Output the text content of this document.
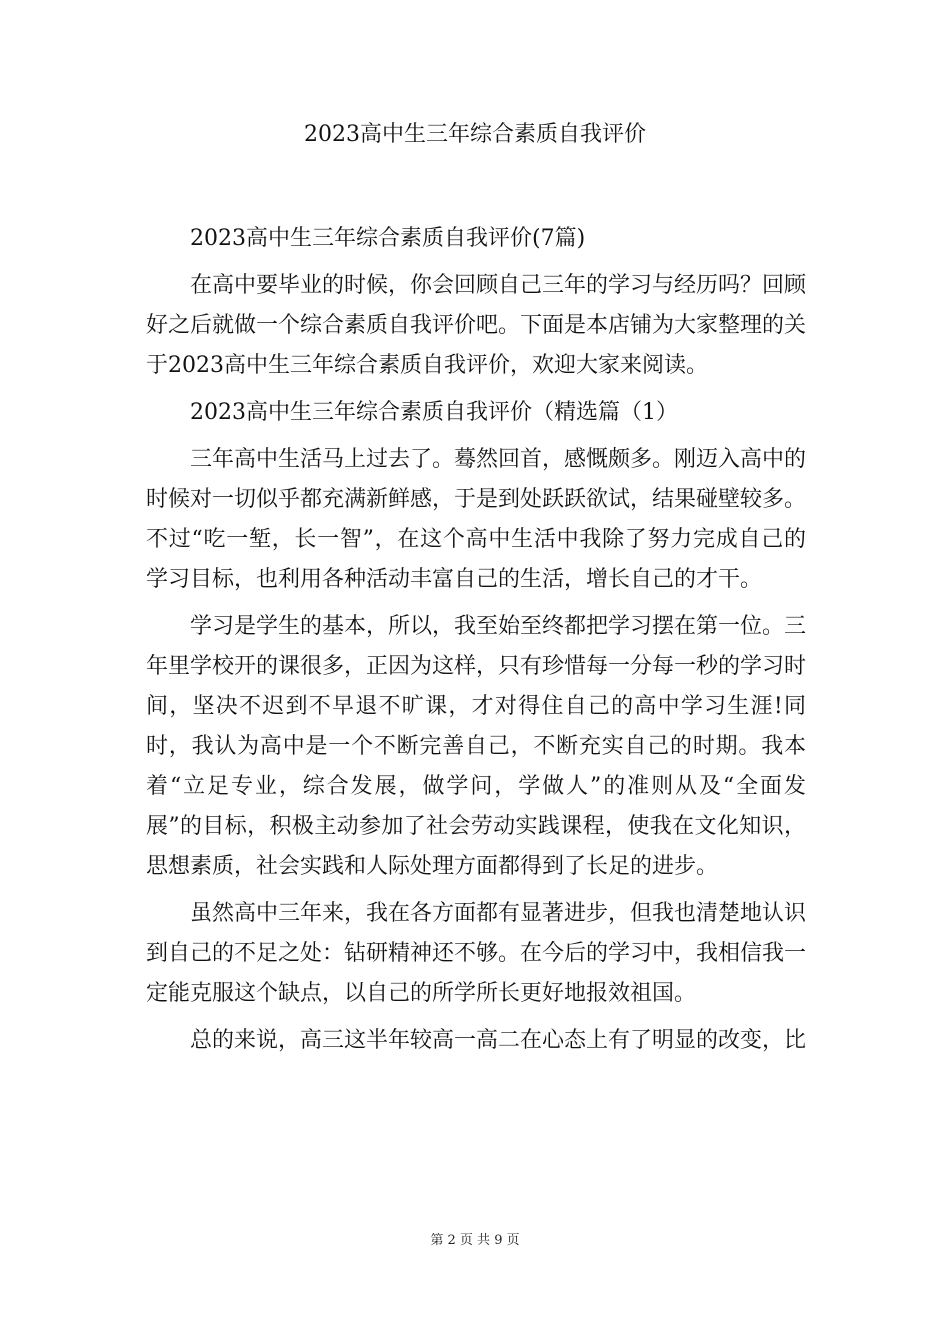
2023高中生三年综合素质自我评价

2023高中生三年综合素质自我评价(7篇)

在高中要毕业的时候，你会回顾自己三年的学习与经历吗？回顾好之后就做一个综合素质自我评价吧。下面是本店铺为大家整理的关于2023高中生三年综合素质自我评价，欢迎大家来阅读。

2023高中生三年综合素质自我评价（精选篇（1）

三年高中生活马上过去了。蓦然回首，感慨颇多。刚迈入高中的时候对一切似乎都充满新鲜感，于是到处跃跃欲试，结果碰壁较多。不过“吃一堑，长一智”，在这个高中生活中我除了努力完成自己的学习目标，也利用各种活动丰富自己的生活，增长自己的才干。

学习是学生的基本，所以，我至始至终都把学习摆在第一位。三年里学校开的课很多，正因为这样，只有珍惜每一分每一秒的学习时间，坚决不迟到不早退不旷课，才对得住自己的高中学习生涯!同时，我认为高中是一个不断完善自己，不断充实自己的时期。我本着“立足专业，综合发展，做学问，学做人”的准则从及“全面发展”的目标，积极主动参加了社会劳动实践课程，使我在文化知识，思想素质，社会实践和人际处理方面都得到了长足的进步。

虽然高中三年来，我在各方面都有显著进步，但我也清楚地认识到自己的不足之处：钻研精神还不够。在今后的学习中，我相信我一定能克服这个缺点，以自己的所学所长更好地报效祖国。

总的来说，高三这半年较高一高二在心态上有了明显的改变，比

第 2 页 共 9 页
